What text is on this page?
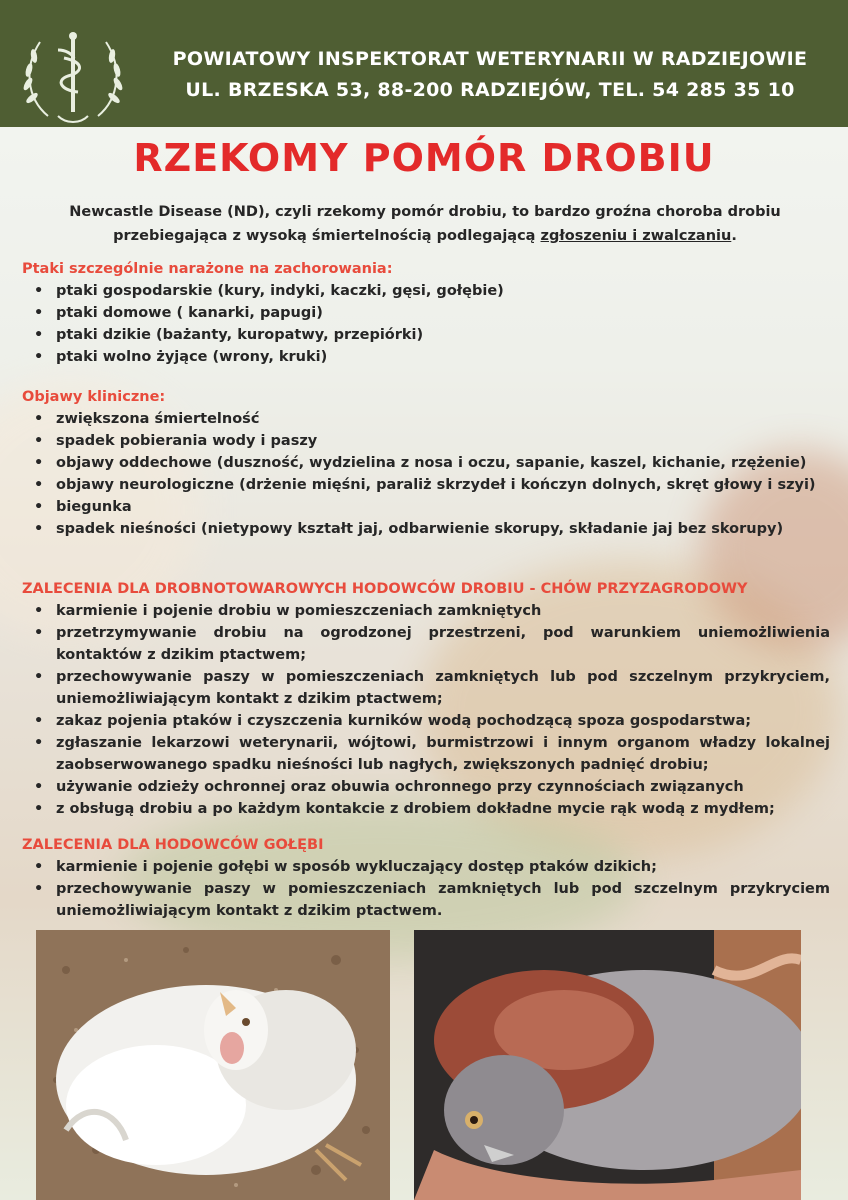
POWIATOWY INSPEKTORAT WETERYNARII W RADZIEJOWIE
UL. BRZESKA 53, 88-200 RADZIEJÓW, TEL. 54 285 35 10
RZEKOMY POMÓR DROBIU
Newcastle Disease (ND), czyli rzekomy pomór drobiu, to bardzo groźna choroba drobiu przebiegająca z wysoką śmiertelnością podlegającą zgłoszeniu i zwalczaniu.
Ptaki szczególnie narażone na zachorowania:
• ptaki gospodarskie (kury, indyki, kaczki, gęsi, gołębie)
• ptaki domowe ( kanarki, papugi)
• ptaki dzikie (bażanty, kuropatwy, przepiórki)
• ptaki wolno żyjące (wrony, kruki)
Objawy kliniczne:
• zwiększona śmiertelność
• spadek pobierania wody i paszy
• objawy oddechowe (duszność, wydzielina z nosa i oczu, sapanie, kaszel, kichanie, rzężenie)
• objawy neurologiczne (drżenie mięśni, paraliż skrzydeł i kończyn dolnych, skręt głowy i szyi)
• biegunka
• spadek nieśności (nietypowy kształt jaj, odbarwienie skorupy, składanie jaj bez skorupy)
ZALECENIA DLA DROBNOTOWAROWYCH HODOWCÓW DROBIU - CHÓW PRZYZAGRODOWY
• karmienie i pojenie drobiu w pomieszczeniach zamkniętych
• przetrzymywanie drobiu na ogrodzonej przestrzeni, pod warunkiem uniemożliwienia kontaktów z dzikim ptactwem;
• przechowywanie paszy w pomieszczeniach zamkniętych lub pod szczelnym przykryciem, uniemożliwiającym kontakt z dzikim ptactwem;
• zakaz pojenia ptaków i czyszczenia kurników wodą pochodzącą spoza gospodarstwa;
• zgłaszanie lekarzowi weterynarii, wójtowi, burmistrzowi i innym organom władzy lokalnej zaobserwowanego spadku nieśności lub nagłych, zwiększonych padnięć drobiu;
• używanie odzieży ochronnej oraz obuwia ochronnego przy czynnościach związanych
• z obsługą drobiu a po każdym kontakcie z drobiem dokładne mycie rąk wodą z mydłem;
ZALECENIA DLA HODOWCÓW GOŁĘBI
• karmienie i pojenie gołębi w sposób wykluczający dostęp ptaków dzikich;
• przechowywanie paszy w pomieszczeniach zamkniętych lub pod szczelnym przykryciem uniemożliwiającym kontakt z dzikim ptactwem.
